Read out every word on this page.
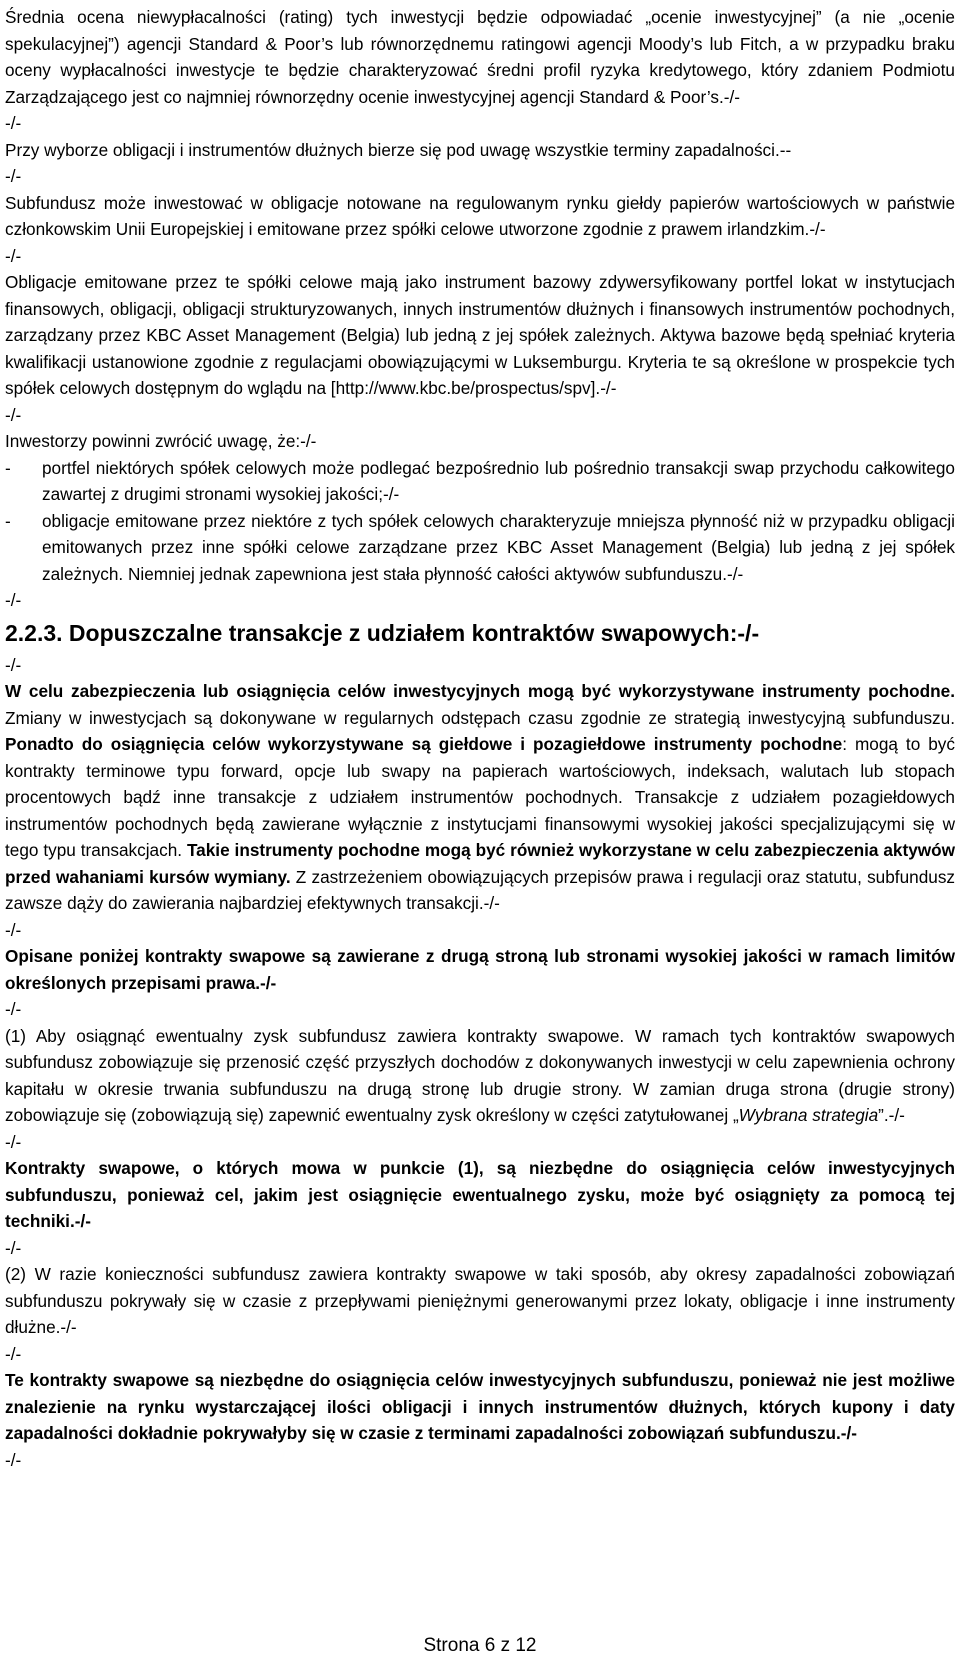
Średnia ocena niewypłacalności (rating) tych inwestycji będzie odpowiadać „ocenie inwestycyjnej” (a nie „ocenie spekulacyjnej”) agencji Standard & Poor’s lub równorzędnemu ratingowi agencji Moody’s lub Fitch, a w przypadku braku oceny wypłacalności inwestycje te będzie charakteryzować średni profil ryzyka kredytowego, który zdaniem Podmiotu Zarządzającego jest co najmniej równorzędny ocenie inwestycyjnej agencji Standard & Poor’s.-/-

-/-

Przy wyborze obligacji i instrumentów dłużnych bierze się pod uwagę wszystkie terminy zapadalności.--

-/-

Subfundusz może inwestować w obligacje notowane na regulowanym rynku giełdy papierów wartościowych w państwie członkowskim Unii Europejskiej i emitowane przez spółki celowe utworzone zgodnie z prawem irlandzkim.-/-

-/-

Obligacje emitowane przez te spółki celowe mają jako instrument bazowy zdywersyfikowany portfel lokat w instytucjach finansowych, obligacji, obligacji strukturyzowanych, innych instrumentów dłużnych i finansowych instrumentów pochodnych, zarządzany przez KBC Asset Management (Belgia) lub jedną z jej spółek zależnych. Aktywa bazowe będą spełniać kryteria kwalifikacji ustanowione zgodnie z regulacjami obowiązującymi w Luksemburgu. Kryteria te są określone w prospekcie tych spółek celowych dostępnym do wglądu na [http://www.kbc.be/prospectus/spv].-/-

-/-

Inwestorzy powinni zwrócić uwagę, że:-/-

- portfel niektórych spółek celowych może podlegać bezpośrednio lub pośrednio transakcji swap przychodu całkowitego zawartej z drugimi stronami wysokiej jakości;-/-
- obligacje emitowane przez niektóre z tych spółek celowych charakteryzuje mniejsza płynność niż w przypadku obligacji emitowanych przez inne spółki celowe zarządzane przez KBC Asset Management (Belgia) lub jedną z jej spółek zależnych. Niemniej jednak zapewniona jest stała płynność całości aktywów subfunduszu.-/-
-/-
2.2.3. Dopuszczalne transakcje z udziałem kontraktów swapowych:-/-
-/-

W celu zabezpieczenia lub osiągnięcia celów inwestycyjnych mogą być wykorzystywane instrumenty pochodne. Zmiany w inwestycjach są dokonywane w regularnych odstępach czasu zgodnie ze strategią inwestycyjną subfunduszu. Ponadto do osiągnięcia celów wykorzystywane są giełdowe i pozagiełdowe instrumenty pochodne: mogą to być kontrakty terminowe typu forward, opcje lub swapy na papierach wartościowych, indeksach, walutach lub stopach procentowych bądź inne transakcje z udziałem instrumentów pochodnych. Transakcje z udziałem pozagiełdowych instrumentów pochodnych będą zawierane wyłącznie z instytucjami finansowymi wysokiej jakości specjalizującymi się w tego typu transakcjach. Takie instrumenty pochodne mogą być również wykorzystane w celu zabezpieczenia aktywów przed wahaniami kursów wymiany. Z zastrzeżeniem obowiązujących przepisów prawa i regulacji oraz statutu, subfundusz zawsze dąży do zawierania najbardziej efektywnych transakcji.-/-

-/-

Opisane poniżej kontrakty swapowe są zawierane z drugą stroną lub stronami wysokiej jakości w ramach limitów określonych przepisami prawa.-/-

-/-

(1) Aby osiągnąć ewentualny zysk subfundusz zawiera kontrakty swapowe. W ramach tych kontraktów swapowych subfundusz zobowiązuje się przenosić część przyszłych dochodów z dokonywanych inwestycji w celu zapewnienia ochrony kapitału w okresie trwania subfunduszu na drugą stronę lub drugie strony. W zamian druga strona (drugie strony) zobowiązuje się (zobowiązują się) zapewnić ewentualny zysk określony w części zatytułowanej „Wybrana strategia”.-/-

-/-

Kontrakty swapowe, o których mowa w punkcie (1), są niezbędne do osiągnięcia celów inwestycyjnych subfunduszu, ponieważ cel, jakim jest osiągnięcie ewentualnego zysku, może być osiągnięty za pomocą tej techniki.-/-

-/-

(2) W razie konieczności subfundusz zawiera kontrakty swapowe w taki sposób, aby okresy zapadalności zobowiązań subfunduszu pokrywały się w czasie z przepływami pieniężnymi generowanymi przez lokaty, obligacje i inne instrumenty dłużne.-/-

-/-

Te kontrakty swapowe są niezbędne do osiągnięcia celów inwestycyjnych subfunduszu, ponieważ nie jest możliwe znalezienie na rynku wystarczającej ilości obligacji i innych instrumentów dłużnych, których kupony i daty zapadalności dokładnie pokrywałyby się w czasie z terminami zapadalności zobowiązań subfunduszu.-/-

-/-
Strona 6 z 12
